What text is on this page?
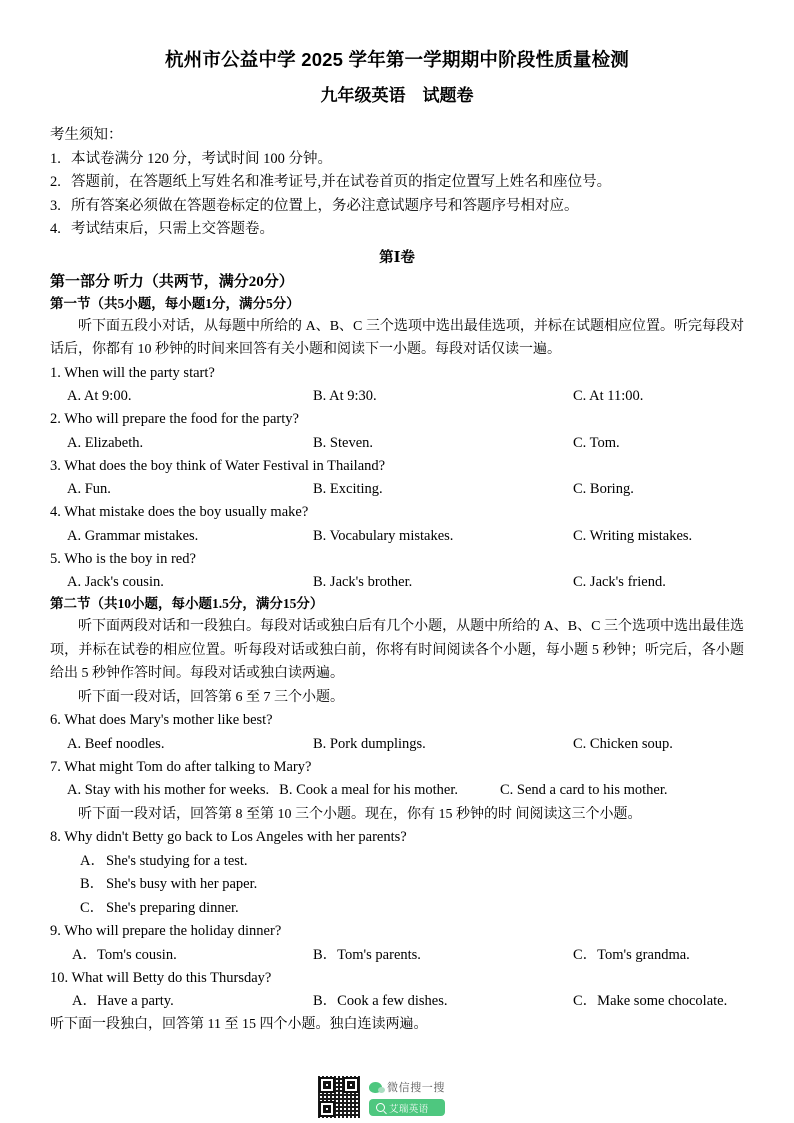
杭州市公益中学 2025 学年第一学期期中阶段性质量检测
九年级英语　试题卷
考生须知：
1. 本试卷满分 120 分，考试时间 100 分钟。
2. 答题前，在答题纸上写姓名和准考证号,并在试卷首页的指定位置写上姓名和座位号。
3. 所有答案必须做在答题卷标定的位置上，务必注意试题序号和答题序号相对应。
4. 考试结束后，只需上交答题卷。
第Ⅰ卷
第一部分 听力（共两节，满分20分）
第一节（共5小题，每小题1分，满分5分）
听下面五段小对话，从每题中所给的 A、B、C 三个选项中选出最佳选项，并标在试题相应位置。听完每段对话后，你都有 10 秒钟的时间来回答有关小题和阅读下一小题。每段对话仅读一遍。
1. When will the party start?
A. At 9:00.	B. At 9:30.	C. At 11:00.
2. Who will prepare the food for the party?
A. Elizabeth.	B. Steven.	C. Tom.
3. What does the boy think of Water Festival in Thailand?
A. Fun.	B. Exciting.	C. Boring.
4. What mistake does the boy usually make?
A. Grammar mistakes.	B. Vocabulary mistakes.	C. Writing mistakes.
5. Who is the boy in red?
A. Jack's cousin.	B. Jack's brother.	C. Jack's friend.
第二节（共10小题，每小题1.5分，满分15分）
听下面两段对话和一段独白。每段对话或独白后有几个小题，从题中所给的 A、B、C 三个选项中选出最佳选项，并标在试卷的相应位置。听每段对话或独白前，你将有时间阅读各个小题，每小题 5 秒钟；听完后，各小题给出 5 秒钟作答时间。每段对话或独白读两遍。
听下面一段对话，回答第 6 至 7 三个小题。
6. What does Mary's mother like best?
A. Beef noodles.	B. Pork dumplings.	C. Chicken soup.
7. What might Tom do after talking to Mary?
A. Stay with his mother for weeks. B. Cook a meal for his mother.	C. Send a card to his mother.
听下面一段对话，回答第 8 至第 10 三个小题。现在，你有 15 秒钟的时 间阅读这三个小题。
8. Why didn't Betty go back to Los Angeles with her parents?
A．She's studying for a test.
B． She's busy with her paper.
C． She's preparing dinner.
9. Who will prepare the holiday dinner?
A．Tom's cousin.	B．Tom's parents.	C．Tom's grandma.
10. What will Betty do this Thursday?
A．Have a party.	B．Cook a few dishes.	C．Make some chocolate.
听下面一段独白，回答第 11 至 15 四个小题。独白连读两遍。
微信搜一搜
艾瑞英语
